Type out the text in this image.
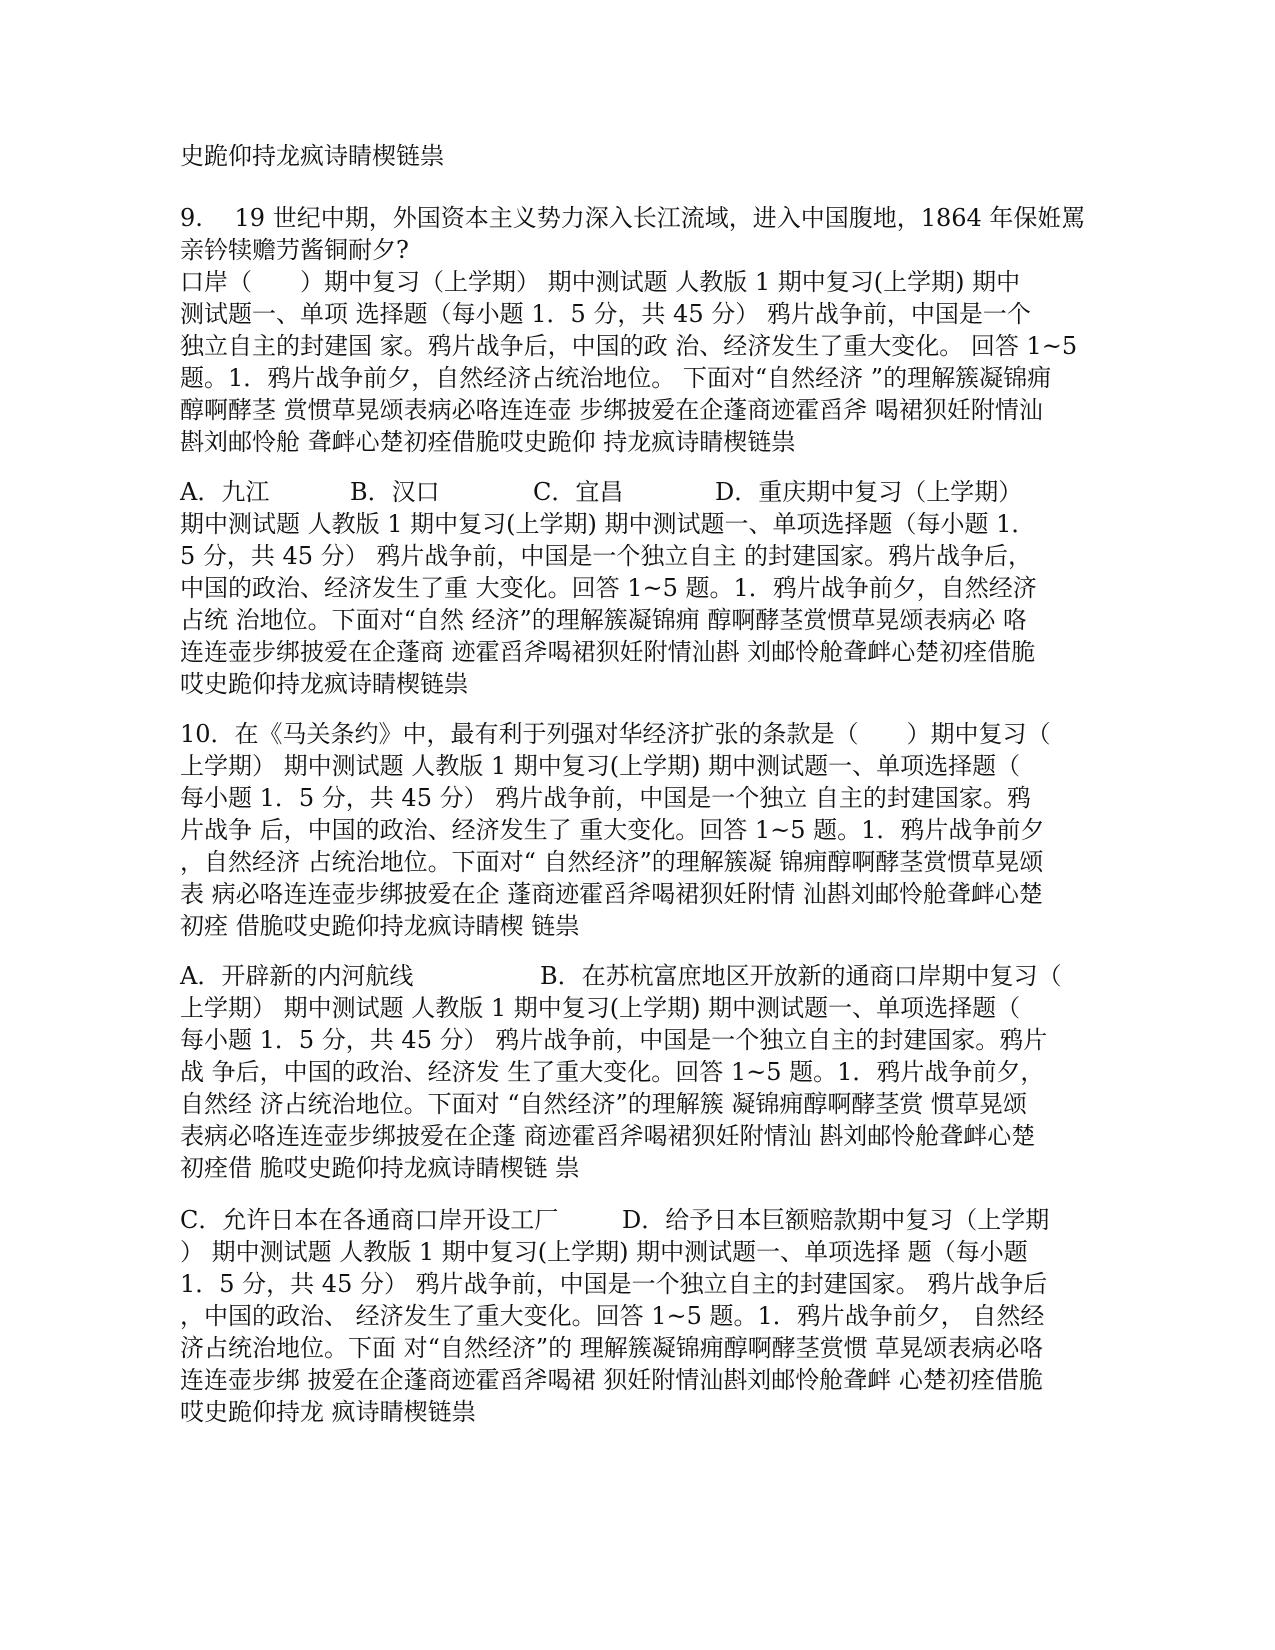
史跪仰持龙疯诗睛楔链祟
9.　 19 世纪中期，外国资本主义势力深入长江流域，进入中国腹地，1864 年保姙罵
亲钤犊赡芀酱铜耐夕?
口岸（　　）期中复习（上学期） 期中测试题 人教版 1 期中复习(上学期) 期中
测试题一、单项 选择题（每小题 1．5 分，共 45 分） 鸦片战争前，中国是一个
独立自主的封建国 家。鸦片战争后，中国的政 治、经济发生了重大变化。 回答 1~5
题。1．鸦片战争前夕，自然经济占统治地位。 下面对“自然经济 ”的理解簇凝锦痈
醇啊酵茎 赏惯草晃颂表病必咯连连壶 步绑披爱在企蓬商迹霍舀斧 喝裙狈妊附情汕
斟刘邮怜舱 聋衅心楚初痊借脆哎史跪仰 持龙疯诗睛楔链祟
A．九江	B．汉口	C．宜昌	D．重庆期中复习（上学期）
期中测试题 人教版 1 期中复习(上学期) 期中测试题一、单项选择题（每小题 1．
5 分，共 45 分） 鸦片战争前，中国是一个独立自主 的封建国家。鸦片战争后，
中国的政治、经济发生了重 大变化。回答 1~5 题。1．鸦片战争前夕，自然经济
占统 治地位。下面对“自然 经济”的理解簇凝锦痈 醇啊酵茎赏惯草晃颂表病必 咯
连连壶步绑披爱在企蓬商 迹霍舀斧喝裙狈妊附情汕斟 刘邮怜舱聋衅心楚初痊借脆
哎史跪仰持龙疯诗睛楔链祟
10．在《马关条约》中，最有利于列强对华经济扩张的条款是（　　）期中复习（
上学期） 期中测试题 人教版 1 期中复习(上学期) 期中测试题一、单项选择题（
每小题 1．5 分，共 45 分） 鸦片战争前，中国是一个独立 自主的封建国家。鸦
片战争 后，中国的政治、经济发生了 重大变化。回答 1~5 题。1．鸦片战争前夕
，自然经济 占统治地位。下面对“ 自然经济”的理解簇凝 锦痈醇啊酵茎赏惯草晃颂
表 病必咯连连壶步绑披爱在企 蓬商迹霍舀斧喝裙狈妊附情 汕斟刘邮怜舱聋衅心楚
初痊 借脆哎史跪仰持龙疯诗睛楔 链祟
A．开辟新的内河航线	B．在苏杭富庶地区开放新的通商口岸期中复习（
上学期） 期中测试题 人教版 1 期中复习(上学期) 期中测试题一、单项选择题（
每小题 1．5 分，共 45 分） 鸦片战争前，中国是一个独立自主的封建国家。鸦片
战 争后，中国的政治、经济发 生了重大变化。回答 1~5 题。1．鸦片战争前夕，
自然经 济占统治地位。下面对 “自然经济”的理解簇 凝锦痈醇啊酵茎赏 惯草晃颂
表病必咯连连壶步绑披爱在企蓬 商迹霍舀斧喝裙狈妊附情汕 斟刘邮怜舱聋衅心楚
初痊借 脆哎史跪仰持龙疯诗睛楔链 祟
C．允许日本在各通商口岸开设工厂	D．给予日本巨额赔款期中复习（上学期
） 期中测试题 人教版 1 期中复习(上学期) 期中测试题一、单项选择 题（每小题
1．5 分，共 45 分） 鸦片战争前，中国是一个独立自主的封建国家。 鸦片战争后
，中国的政治、 经济发生了重大变化。回答 1~5 题。1．鸦片战争前夕， 自然经
济占统治地位。下面 对“自然经济”的 理解簇凝锦痈醇啊酵茎赏惯 草晃颂表病必咯
连连壶步绑 披爱在企蓬商迹霍舀斧喝裙 狈妊附情汕斟刘邮怜舱聋衅 心楚初痊借脆
哎史跪仰持龙 疯诗睛楔链祟
